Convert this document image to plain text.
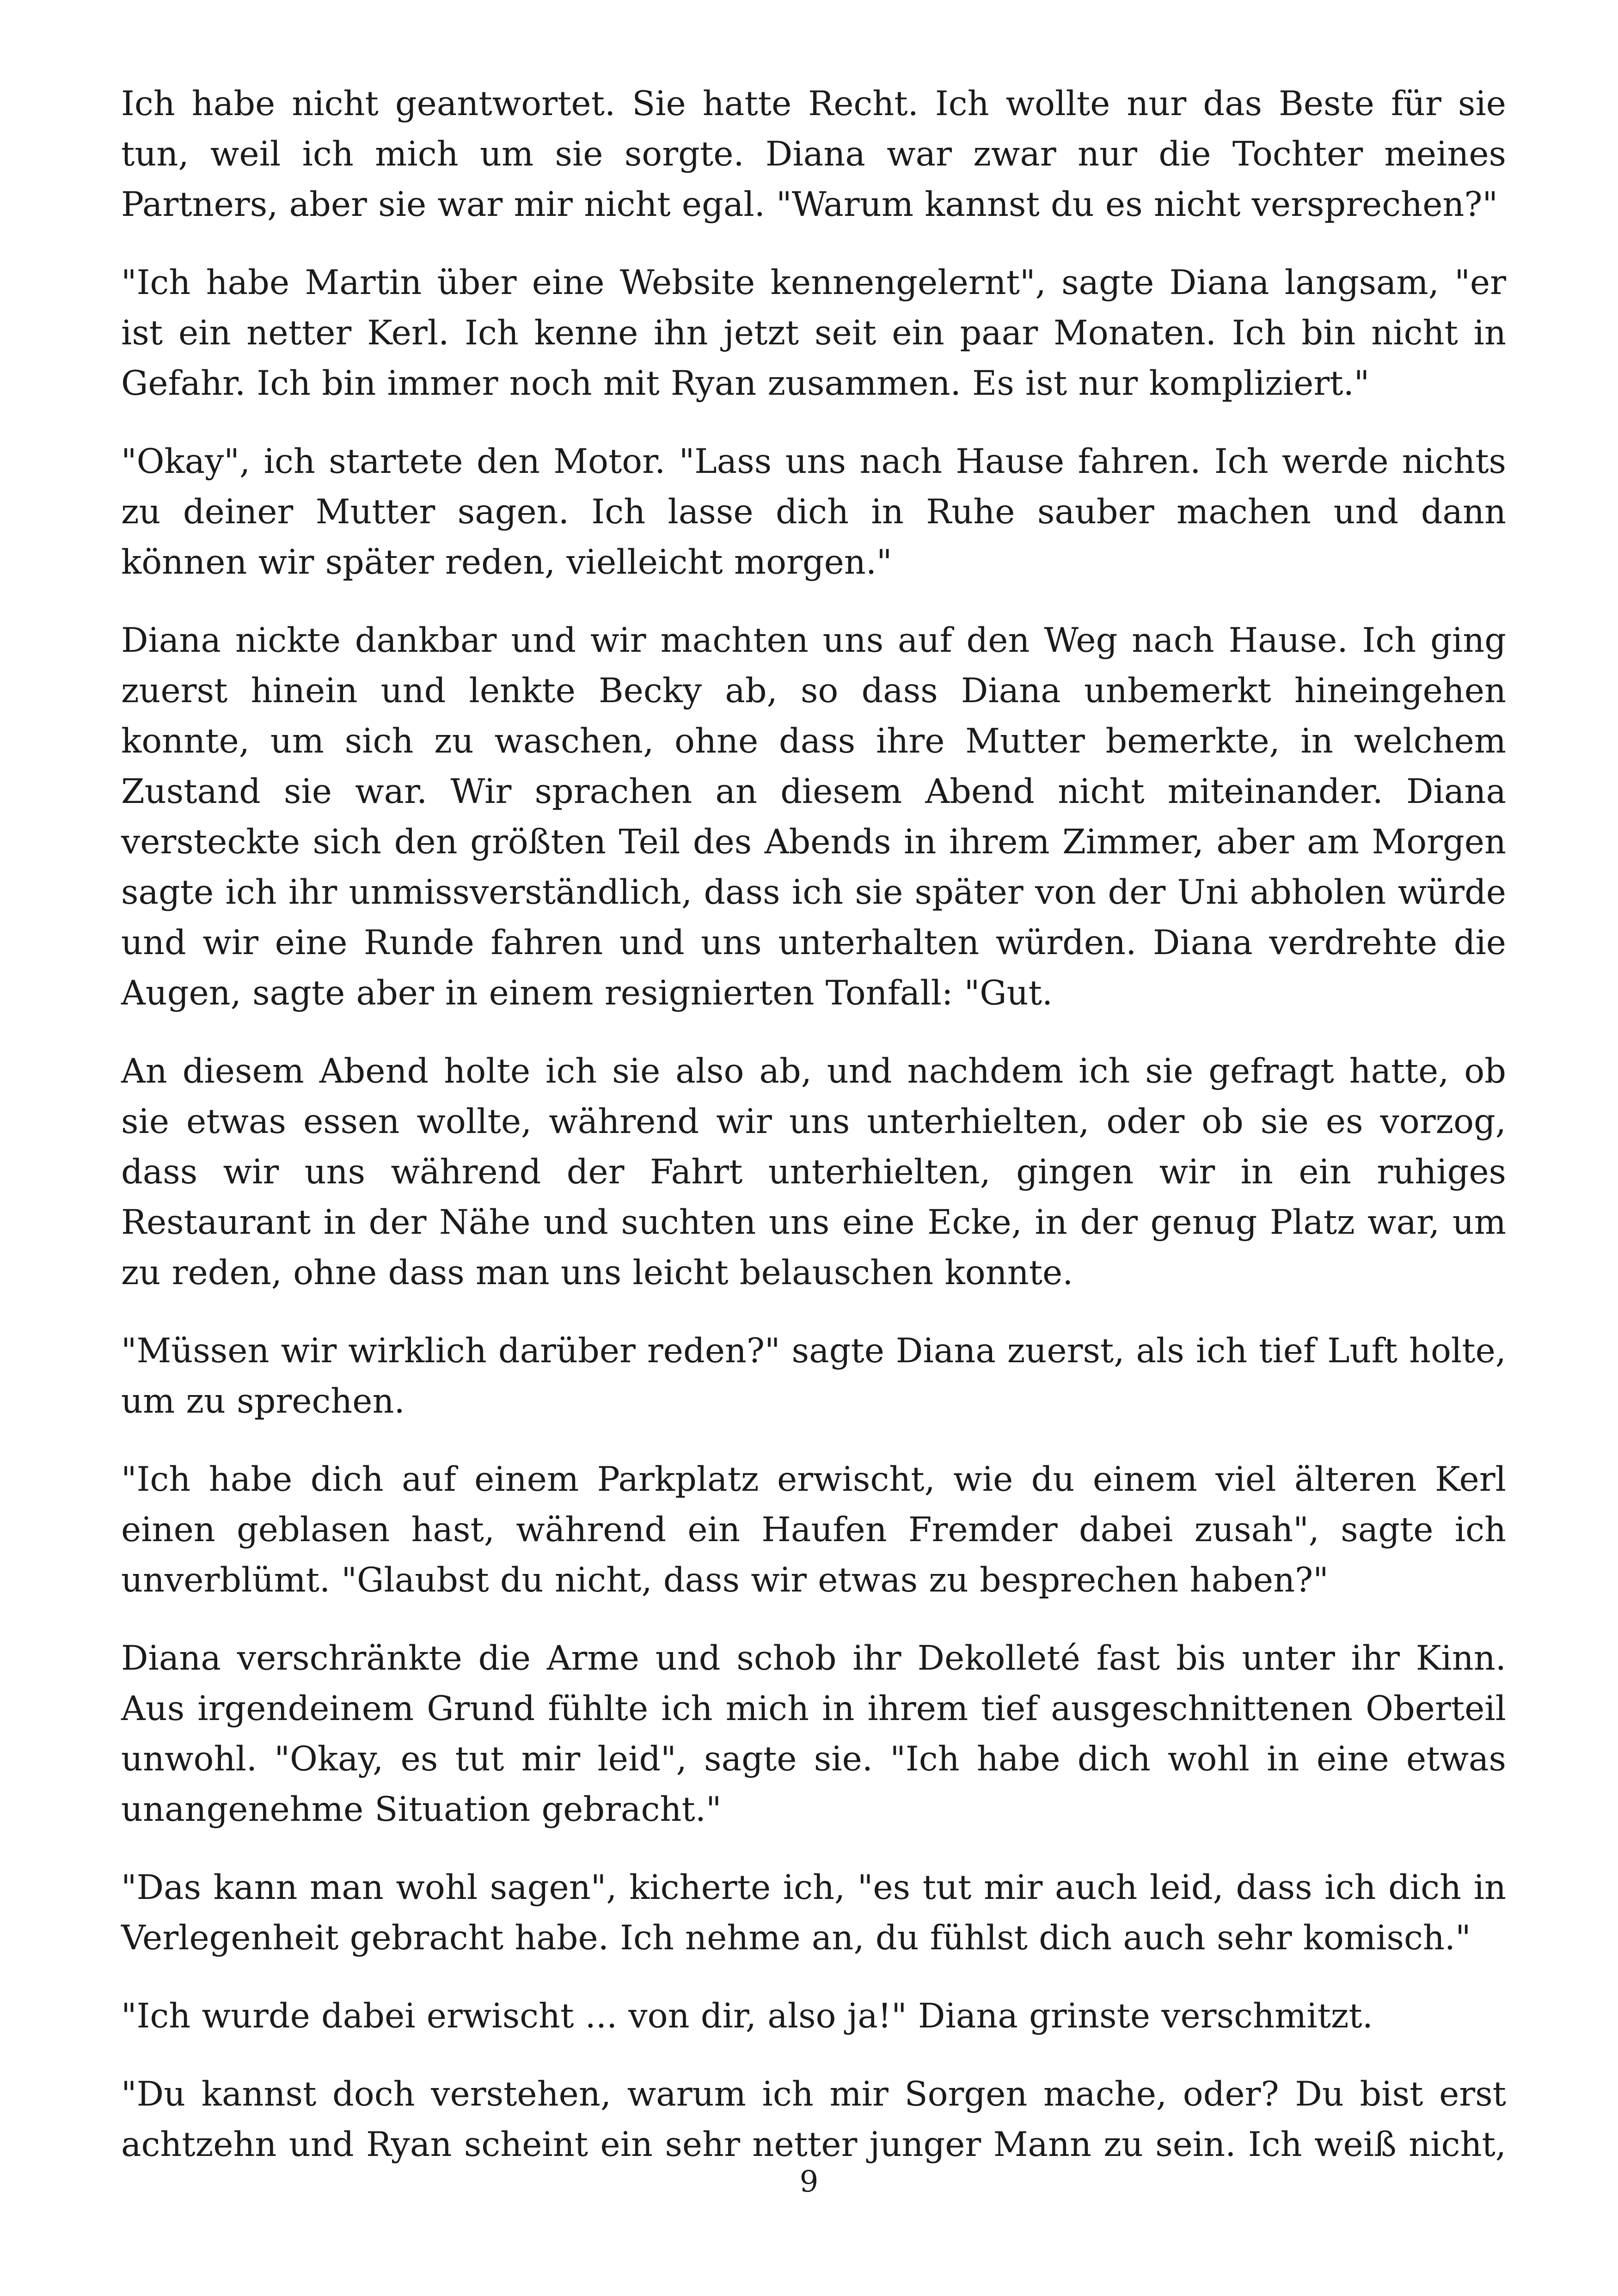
Ich habe nicht geantwortet. Sie hatte Recht. Ich wollte nur das Beste für sie tun, weil ich mich um sie sorgte. Diana war zwar nur die Tochter meines Partners, aber sie war mir nicht egal. "Warum kannst du es nicht versprechen?"

"Ich habe Martin über eine Website kennengelernt", sagte Diana langsam, "er ist ein netter Kerl. Ich kenne ihn jetzt seit ein paar Monaten. Ich bin nicht in Gefahr. Ich bin immer noch mit Ryan zusammen. Es ist nur kompliziert."

"Okay", ich startete den Motor. "Lass uns nach Hause fahren. Ich werde nichts zu deiner Mutter sagen. Ich lasse dich in Ruhe sauber machen und dann können wir später reden, vielleicht morgen."

Diana nickte dankbar und wir machten uns auf den Weg nach Hause. Ich ging zuerst hinein und lenkte Becky ab, so dass Diana unbemerkt hineingehen konnte, um sich zu waschen, ohne dass ihre Mutter bemerkte, in welchem Zustand sie war. Wir sprachen an diesem Abend nicht miteinander. Diana versteckte sich den größten Teil des Abends in ihrem Zimmer, aber am Morgen sagte ich ihr unmissverständlich, dass ich sie später von der Uni abholen würde und wir eine Runde fahren und uns unterhalten würden. Diana verdrehte die Augen, sagte aber in einem resignierten Tonfall: "Gut.

An diesem Abend holte ich sie also ab, und nachdem ich sie gefragt hatte, ob sie etwas essen wollte, während wir uns unterhielten, oder ob sie es vorzog, dass wir uns während der Fahrt unterhielten, gingen wir in ein ruhiges Restaurant in der Nähe und suchten uns eine Ecke, in der genug Platz war, um zu reden, ohne dass man uns leicht belauschen konnte.

"Müssen wir wirklich darüber reden?" sagte Diana zuerst, als ich tief Luft holte, um zu sprechen.

"Ich habe dich auf einem Parkplatz erwischt, wie du einem viel älteren Kerl einen geblasen hast, während ein Haufen Fremder dabei zusah", sagte ich unverblümt. "Glaubst du nicht, dass wir etwas zu besprechen haben?"

Diana verschränkte die Arme und schob ihr Dekolleté fast bis unter ihr Kinn. Aus irgendeinem Grund fühlte ich mich in ihrem tief ausgeschnittenen Oberteil unwohl. "Okay, es tut mir leid", sagte sie. "Ich habe dich wohl in eine etwas unangenehme Situation gebracht."

"Das kann man wohl sagen", kicherte ich, "es tut mir auch leid, dass ich dich in Verlegenheit gebracht habe. Ich nehme an, du fühlst dich auch sehr komisch."

"Ich wurde dabei erwischt ... von dir, also ja!" Diana grinste verschmitzt.

"Du kannst doch verstehen, warum ich mir Sorgen mache, oder? Du bist erst achtzehn und Ryan scheint ein sehr netter junger Mann zu sein. Ich weiß nicht,

9
